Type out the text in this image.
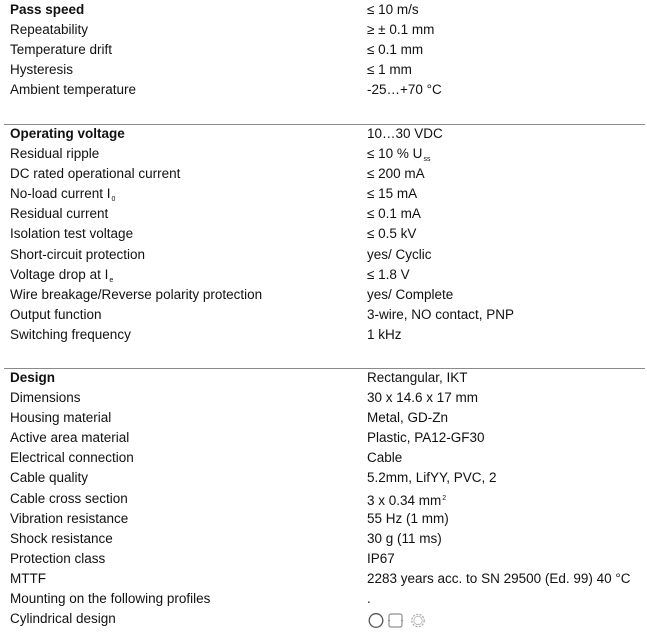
Pass speed	≤ 10 m/s
Repeatability	≥ ± 0.1 mm
Temperature drift	≤ 0.1 mm
Hysteresis	≤ 1 mm
Ambient temperature	-25…+70 °C
Operating voltage	10…30 VDC
Residual ripple	≤ 10 % $U_{ss}$
DC rated operational current	≤ 200 mA
No-load current $I_0$	≤ 15 mA
Residual current	≤ 0.1 mA
Isolation test voltage	≤ 0.5 kV
Short-circuit protection	yes/ Cyclic
Voltage drop at $I_e$	≤ 1.8 V
Wire breakage/Reverse polarity protection	yes/ Complete
Output function	3-wire, NO contact, PNP
Switching frequency	1 kHz
Design	Rectangular, IKT
Dimensions	30 x 14.6 x 17 mm
Housing material	Metal, GD-Zn
Active area material	Plastic, PA12-GF30
Electrical connection	Cable
Cable quality	5.2mm, LifYY, PVC, 2
Cable cross section	3 x 0.34 $mm^2$
Vibration resistance	55 Hz (1 mm)
Shock resistance	30 g (11 ms)
Protection class	IP67
MTTF	2283 years acc. to SN 29500 (Ed. 99) 40 °C
Mounting on the following profiles	.
Cylindrical design
